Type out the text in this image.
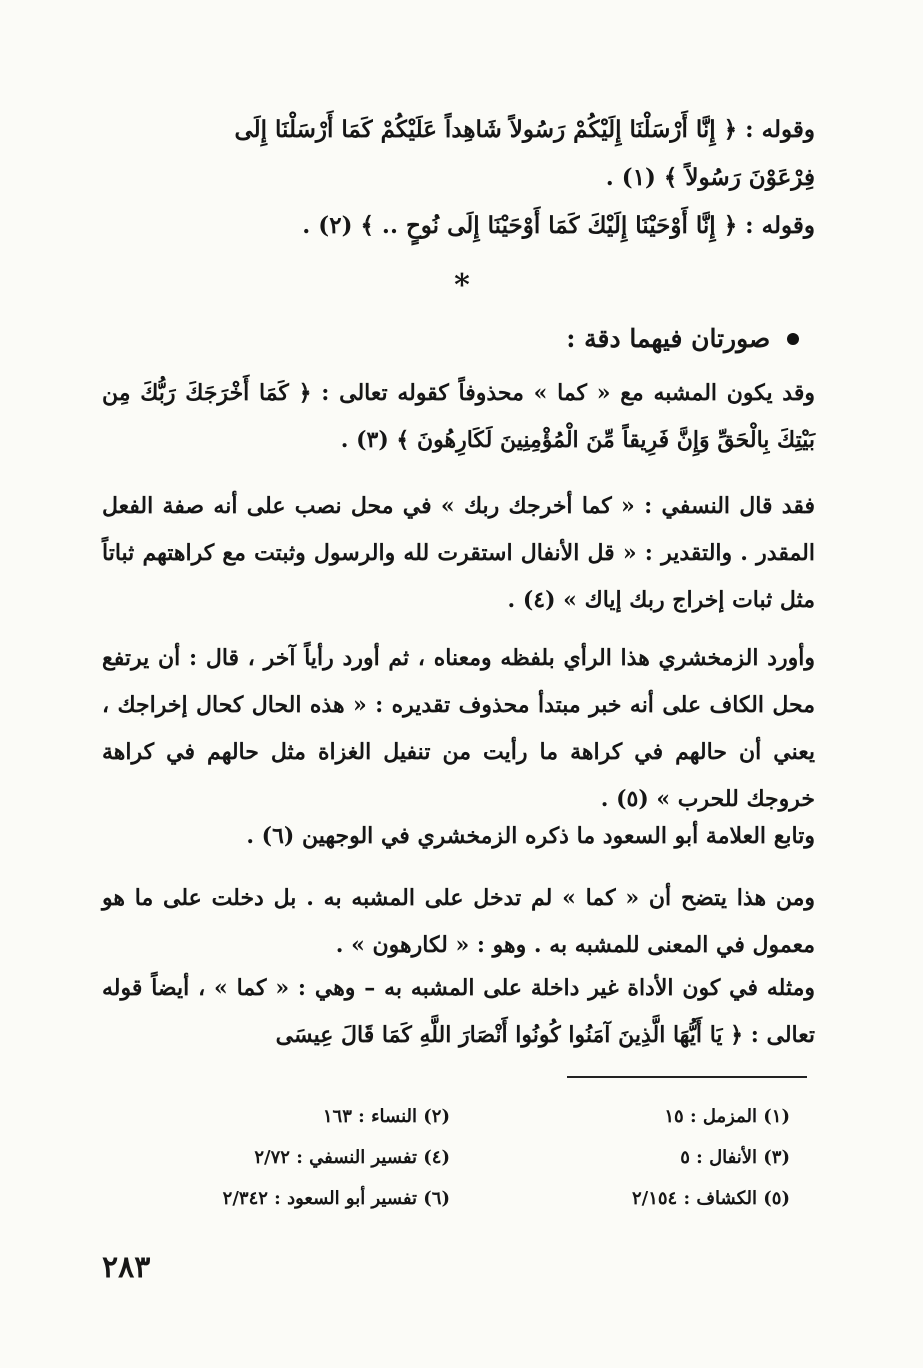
وقوله : ﴿ إِنَّا أَرْسَلْنَا إِلَيْكُمْ رَسُولاً شَاهِداً عَلَيْكُمْ كَمَا أَرْسَلْنَا إِلَى
فِرْعَوْنَ رَسُولاً ﴾ (١) .
وقوله : ﴿ إِنَّا أَوْحَيْنَا إِلَيْكَ كَمَا أَوْحَيْنَا إِلَى نُوحٍ .. ﴾ (٢) .
*
صورتان فيهما دقة :
وقد يكون المشبه مع « كما » محذوفاً كقوله تعالى : ﴿ كَمَا أَخْرَجَكَ رَبُّكَ مِن بَيْتِكَ بِالْحَقِّ وَإِنَّ فَرِيقاً مِّنَ الْمُؤْمِنِينَ لَكَارِهُونَ ﴾ (٣) .
فقد قال النسفي : « كما أخرجك ربك » في محل نصب على أنه صفة الفعل المقدر . والتقدير : « قل الأنفال استقرت لله والرسول وثبتت مع كراهتهم ثباتاً مثل ثبات إخراج ربك إياك » (٤) .
وأورد الزمخشري هذا الرأي بلفظه ومعناه ، ثم أورد رأياً آخر ، قال : أن يرتفع محل الكاف على أنه خبر مبتدأ محذوف تقديره : « هذه الحال كحال إخراجك ، يعني أن حالهم في كراهة ما رأيت من تنفيل الغزاة مثل حالهم في كراهة خروجك للحرب » (٥) .
وتابع العلامة أبو السعود ما ذكره الزمخشري في الوجهين (٦) .
ومن هذا يتضح أن « كما » لم تدخل على المشبه به . بل دخلت على ما هو معمول في المعنى للمشبه به . وهو : « لكارهون » .
ومثله في كون الأداة غير داخلة على المشبه به – وهي : « كما » ، أيضاً قوله تعالى : ﴿ يَا أَيُّهَا الَّذِينَ آمَنُوا كُونُوا أَنْصَارَ اللَّهِ كَمَا قَالَ عِيسَى
(١) المزمل : ١٥
(٢) النساء : ١٦٣
(٣) الأنفال : ٥
(٤) تفسير النسفي : ٢/٧٢
(٥) الكشاف : ٢/١٥٤
(٦) تفسير أبو السعود : ٢/٣٤٢
٢٨٣
